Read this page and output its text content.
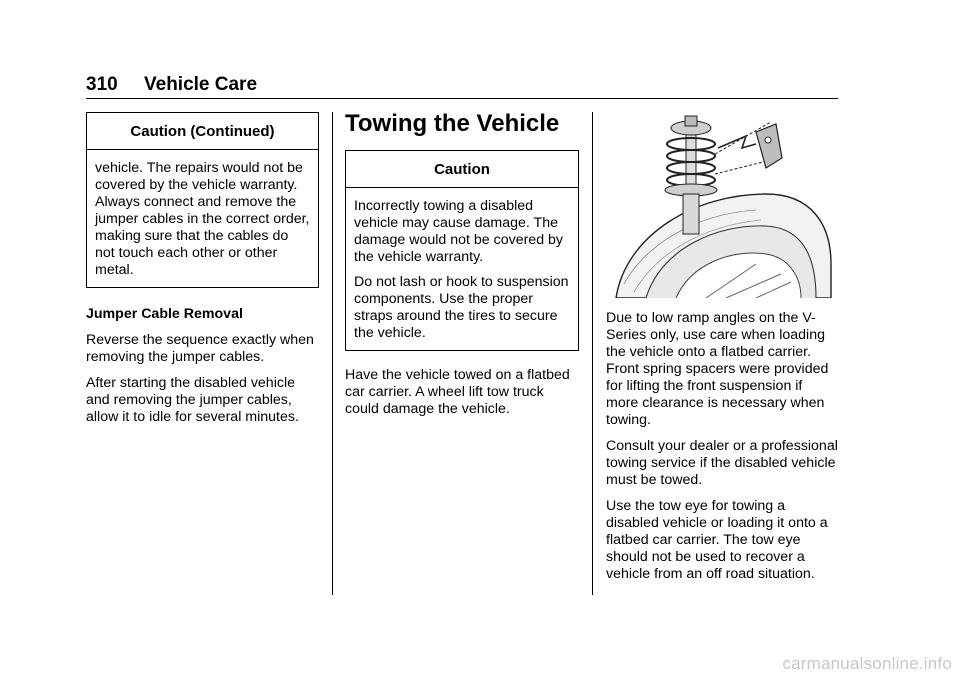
310 Vehicle Care
Caution (Continued)

vehicle. The repairs would not be covered by the vehicle warranty. Always connect and remove the jumper cables in the correct order, making sure that the cables do not touch each other or other metal.

Jumper Cable Removal

Reverse the sequence exactly when removing the jumper cables.

After starting the disabled vehicle and removing the jumper cables, allow it to idle for several minutes.

Towing the Vehicle
Caution

Incorrectly towing a disabled vehicle may cause damage. The damage would not be covered by the vehicle warranty.

Do not lash or hook to suspension components. Use the proper straps around the tires to secure the vehicle.

Have the vehicle towed on a flatbed car carrier. A wheel lift tow truck could damage the vehicle.

Due to low ramp angles on the V-Series only, use care when loading the vehicle onto a flatbed carrier. Front spring spacers were provided for lifting the front suspension if more clearance is necessary when towing.

Consult your dealer or a professional towing service if the disabled vehicle must be towed.

Use the tow eye for towing a disabled vehicle or loading it onto a flatbed car carrier. The tow eye should not be used to recover a vehicle from an off road situation.

carmanualsonline.info
